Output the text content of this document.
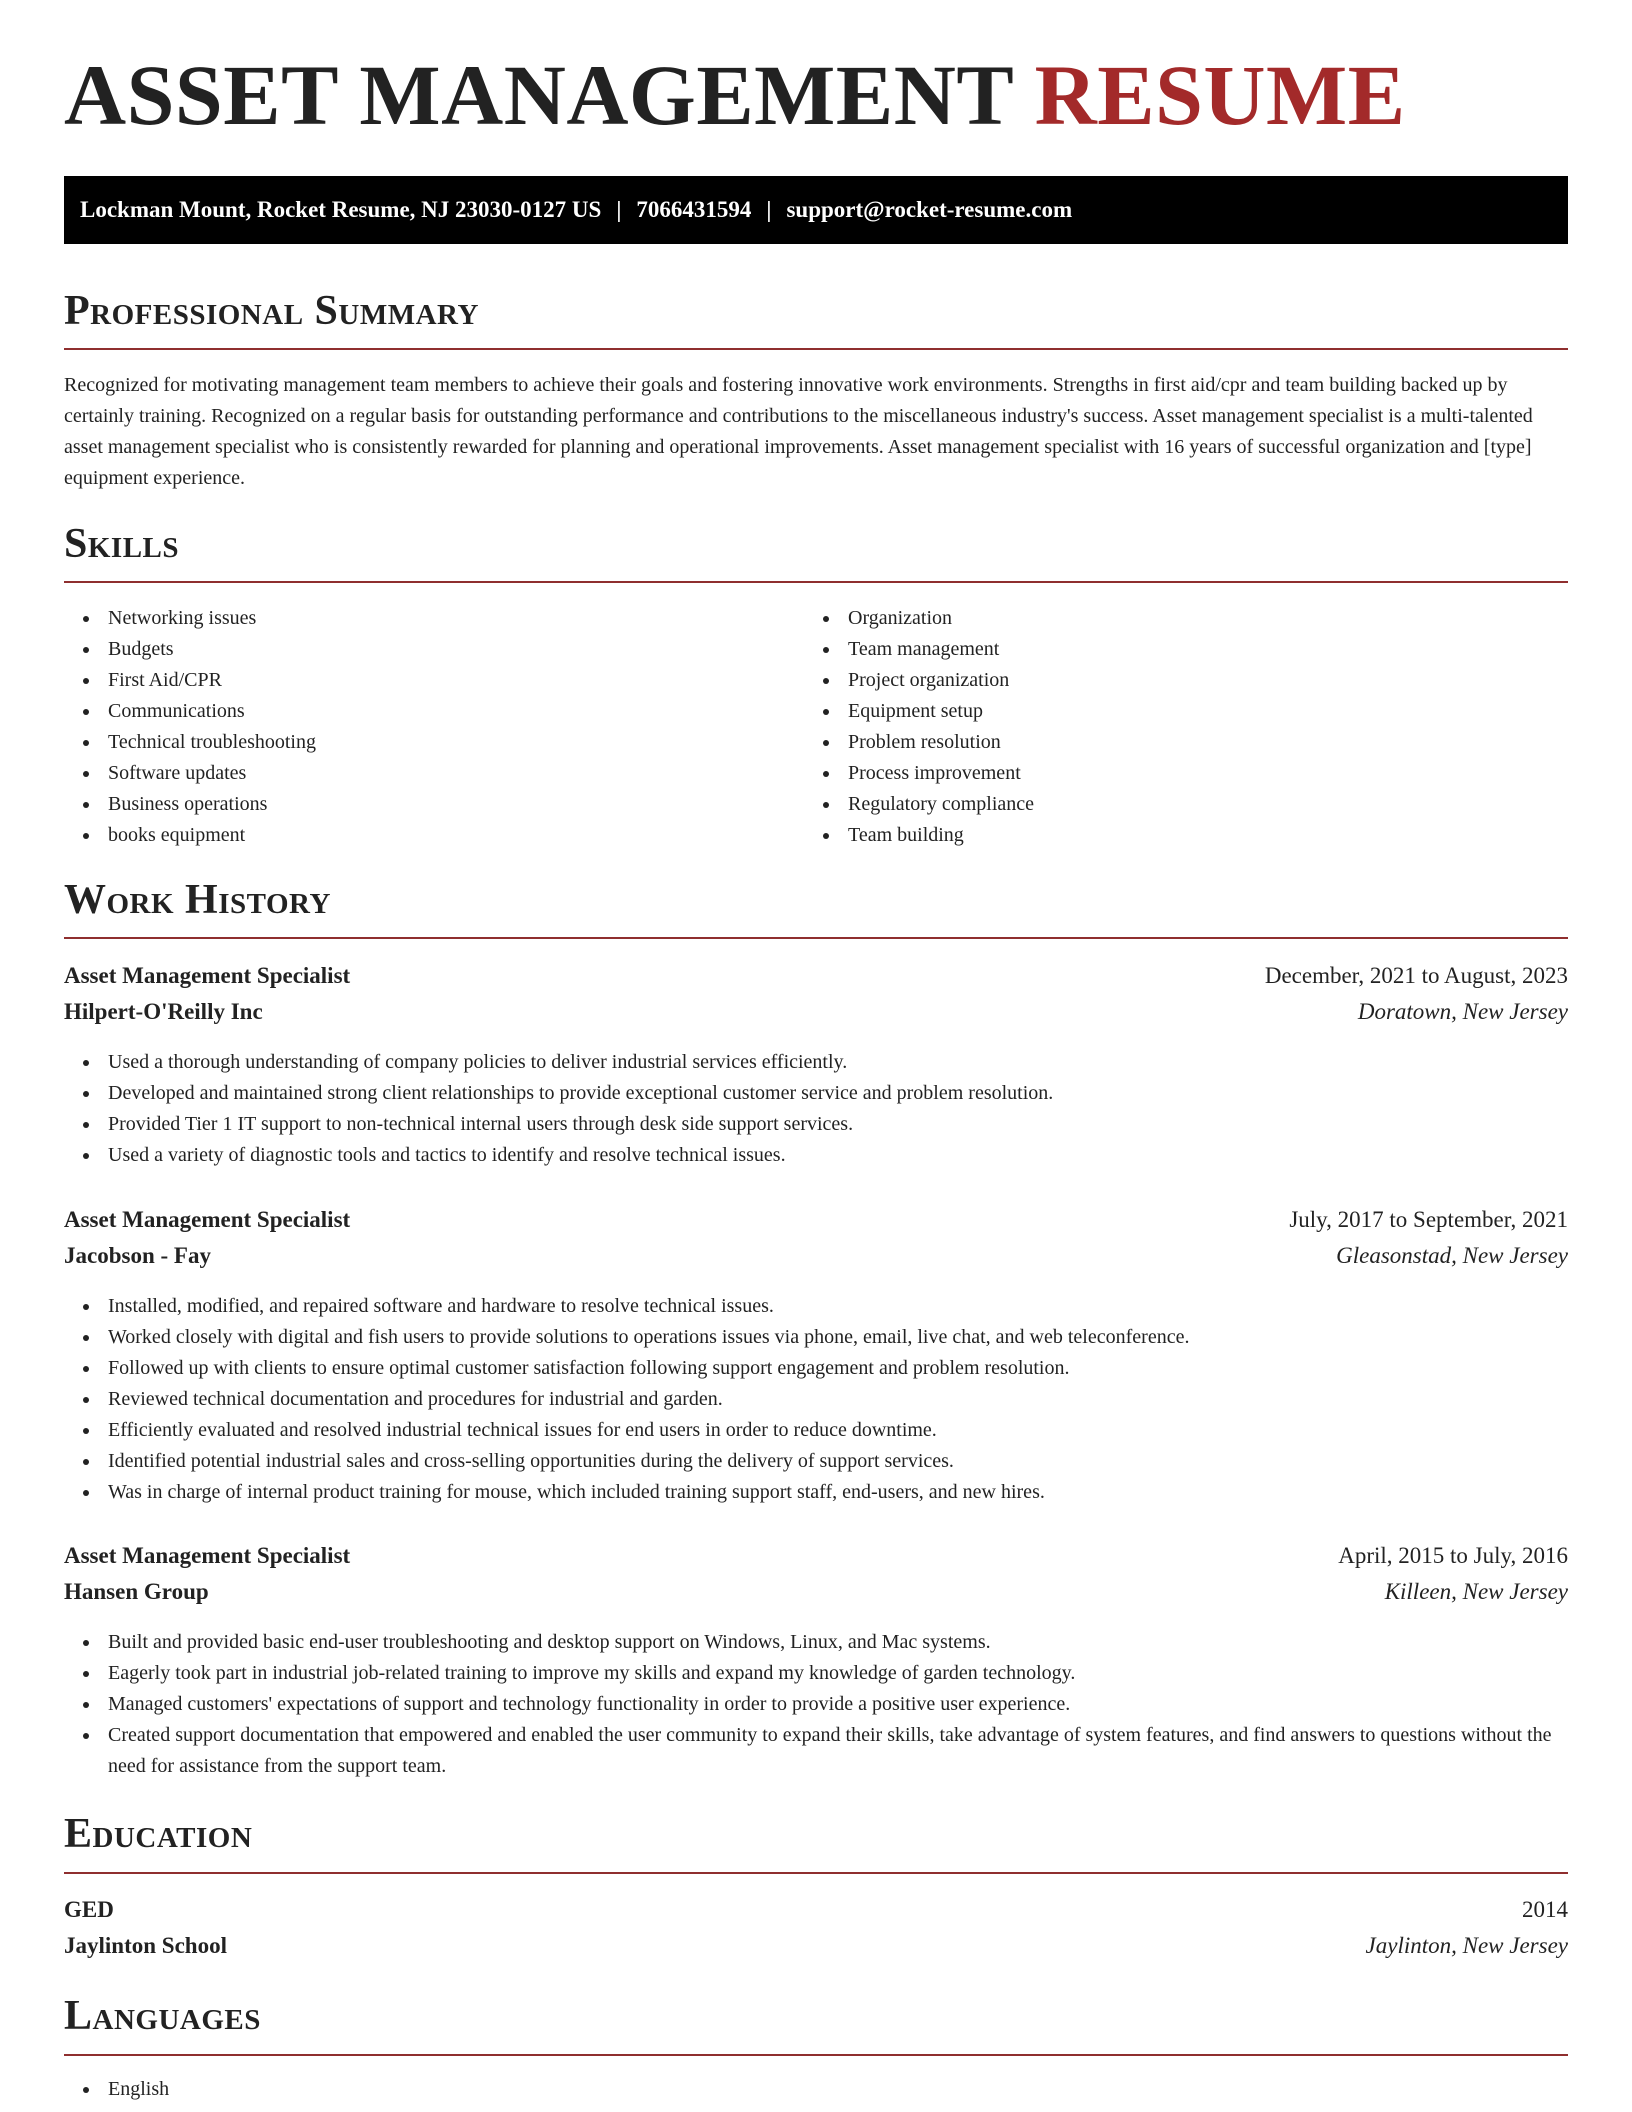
ASSET MANAGEMENT RESUME
Lockman Mount, Rocket Resume, NJ 23030-0127 US | 7066431594 | support@rocket-resume.com
Professional Summary

Recognized for motivating management team members to achieve their goals and fostering innovative work environments. Strengths in first aid/cpr and team building backed up by certainly training. Recognized on a regular basis for outstanding performance and contributions to the miscellaneous industry's success. Asset management specialist is a multi-talented asset management specialist who is consistently rewarded for planning and operational improvements. Asset management specialist with 16 years of successful organization and [type] equipment experience.

Skills
Networking issues
Budgets
First Aid/CPR
Communications
Technical troubleshooting
Software updates
Business operations
books equipment
Organization
Team management
Project organization
Equipment setup
Problem resolution
Process improvement
Regulatory compliance
Team building
Work History
Asset Management Specialist	December, 2021 to August, 2023
Hilpert-O'Reilly Inc	Doratown, New Jersey
Used a thorough understanding of company policies to deliver industrial services efficiently.
Developed and maintained strong client relationships to provide exceptional customer service and problem resolution.
Provided Tier 1 IT support to non-technical internal users through desk side support services.
Used a variety of diagnostic tools and tactics to identify and resolve technical issues.
Asset Management Specialist	July, 2017 to September, 2021
Jacobson - Fay	Gleasonstad, New Jersey
Installed, modified, and repaired software and hardware to resolve technical issues.
Worked closely with digital and fish users to provide solutions to operations issues via phone, email, live chat, and web teleconference.
Followed up with clients to ensure optimal customer satisfaction following support engagement and problem resolution.
Reviewed technical documentation and procedures for industrial and garden.
Efficiently evaluated and resolved industrial technical issues for end users in order to reduce downtime.
Identified potential industrial sales and cross-selling opportunities during the delivery of support services.
Was in charge of internal product training for mouse, which included training support staff, end-users, and new hires.
Asset Management Specialist	April, 2015 to July, 2016
Hansen Group	Killeen, New Jersey
Built and provided basic end-user troubleshooting and desktop support on Windows, Linux, and Mac systems.
Eagerly took part in industrial job-related training to improve my skills and expand my knowledge of garden technology.
Managed customers' expectations of support and technology functionality in order to provide a positive user experience.
Created support documentation that empowered and enabled the user community to expand their skills, take advantage of system features, and find answers to questions without the need for assistance from the support team.
Education
GED	2014
Jaylinton School	Jaylinton, New Jersey
Languages
English
